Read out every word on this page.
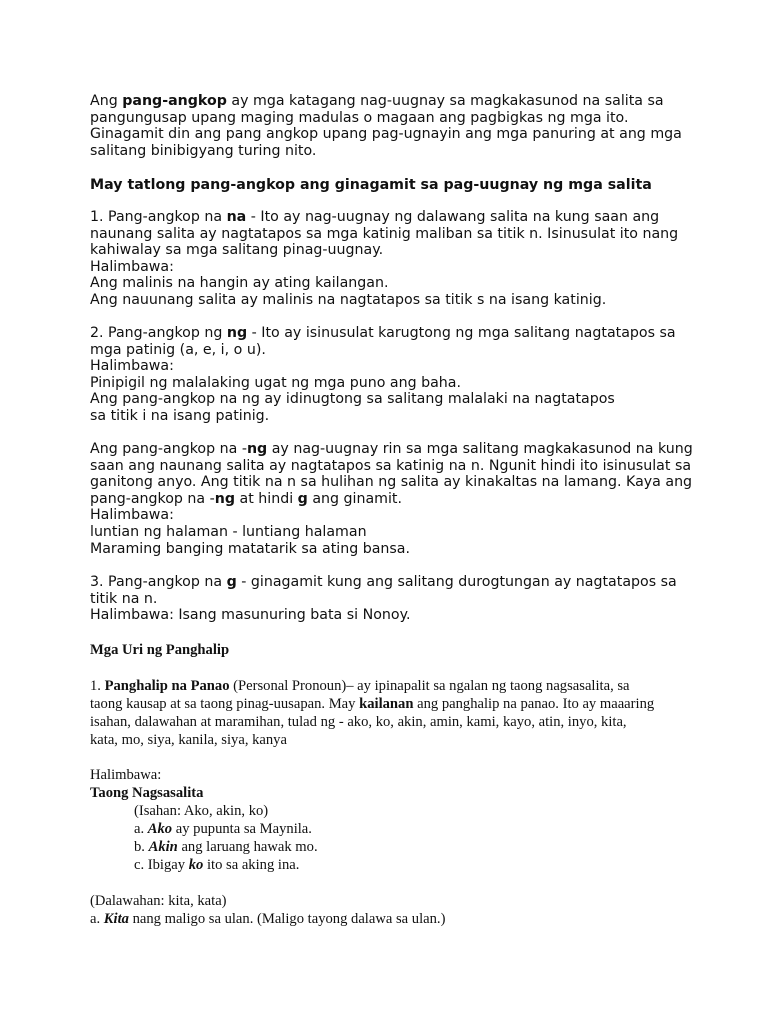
Ang pang-angkop ay mga katagang nag-uugnay sa magkakasunod na salita sa
pangungusap upang maging madulas o magaan ang pagbigkas ng mga ito.
Ginagamit din ang pang angkop upang pag-ugnayin ang mga panuring at ang mga
salitang binibigyang turing nito.
May tatlong pang-angkop ang ginagamit sa pag-uugnay ng mga salita
1. Pang-angkop na na - Ito ay nag-uugnay ng dalawang salita na kung saan ang
naunang salita ay nagtatapos sa mga katinig maliban sa titik n. Isinusulat ito nang
kahiwalay sa mga salitang pinag-uugnay.
Halimbawa:
Ang malinis na hangin ay ating kailangan.
Ang nauunang salita ay malinis na nagtatapos sa titik s na isang katinig.
2. Pang-angkop ng ng - Ito ay isinusulat karugtong ng mga salitang nagtatapos sa
mga patinig (a, e, i, o u).
Halimbawa:
Pinipigil ng malalaking ugat ng mga puno ang baha.
Ang pang-angkop na ng ay idinugtong sa salitang malalaki na nagtatapos
sa titik i na isang patinig.
Ang pang-angkop na -ng ay nag-uugnay rin sa mga salitang magkakasunod na kung
saan ang naunang salita ay nagtatapos sa katinig na n. Ngunit hindi ito isinusulat sa
ganitong anyo. Ang titik na n sa hulihan ng salita ay kinakaltas na lamang. Kaya ang
pang-angkop na -ng at hindi g ang ginamit.
Halimbawa:
luntian ng halaman - luntiang halaman
Maraming banging matatarik sa ating bansa.
3. Pang-angkop na g - ginagamit kung ang salitang durogtungan ay nagtatapos sa
titik na n.
Halimbawa: Isang masunuring bata si Nonoy.
Mga Uri ng Panghalip
1. Panghalip na Panao (Personal Pronoun)– ay ipinapalit sa ngalan ng taong nagsasalita, sa
taong kausap at sa taong pinag-uusapan. May kailanan ang panghalip na panao. Ito ay maaaring
isahan, dalawahan at maramihan, tulad ng - ako, ko, akin, amin, kami, kayo, atin, inyo, kita,
kata, mo, siya, kanila, siya, kanya
Halimbawa:
Taong Nagsasalita
(Isahan: Ako, akin, ko)
a. Ako ay pupunta sa Maynila.
b. Akin ang laruang hawak mo.
c. Ibigay ko ito sa aking ina.
(Dalawahan: kita, kata)
a. Kita nang maligo sa ulan. (Maligo tayong dalawa sa ulan.)
